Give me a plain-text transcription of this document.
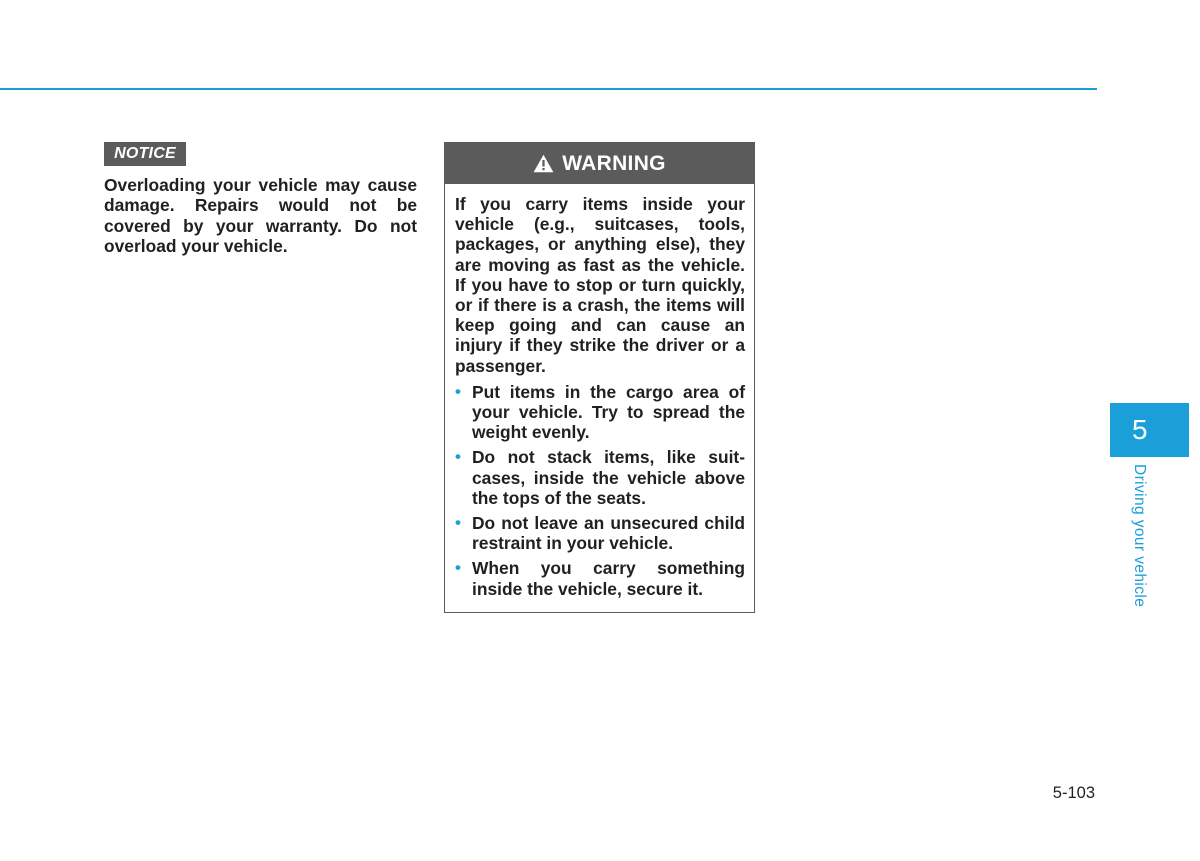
NOTICE

Overloading your vehicle may cause damage. Repairs would not be covered by your warranty. Do not overload your vehicle.

WARNING

If you carry items inside your vehicle (e.g., suitcases, tools, packages, or anything else), they are moving as fast as the vehicle. If you have to stop or turn quickly, or if there is a crash, the items will keep going and can cause an injury if they strike the driver or a passenger.

• Put items in the cargo area of your vehicle. Try to spread the weight evenly.
• Do not stack items, like suit-cases, inside the vehicle above the tops of the seats.
• Do not leave an unsecured child restraint in your vehicle.
• When you carry something inside the vehicle, secure it.
5
Driving your vehicle
5-103
